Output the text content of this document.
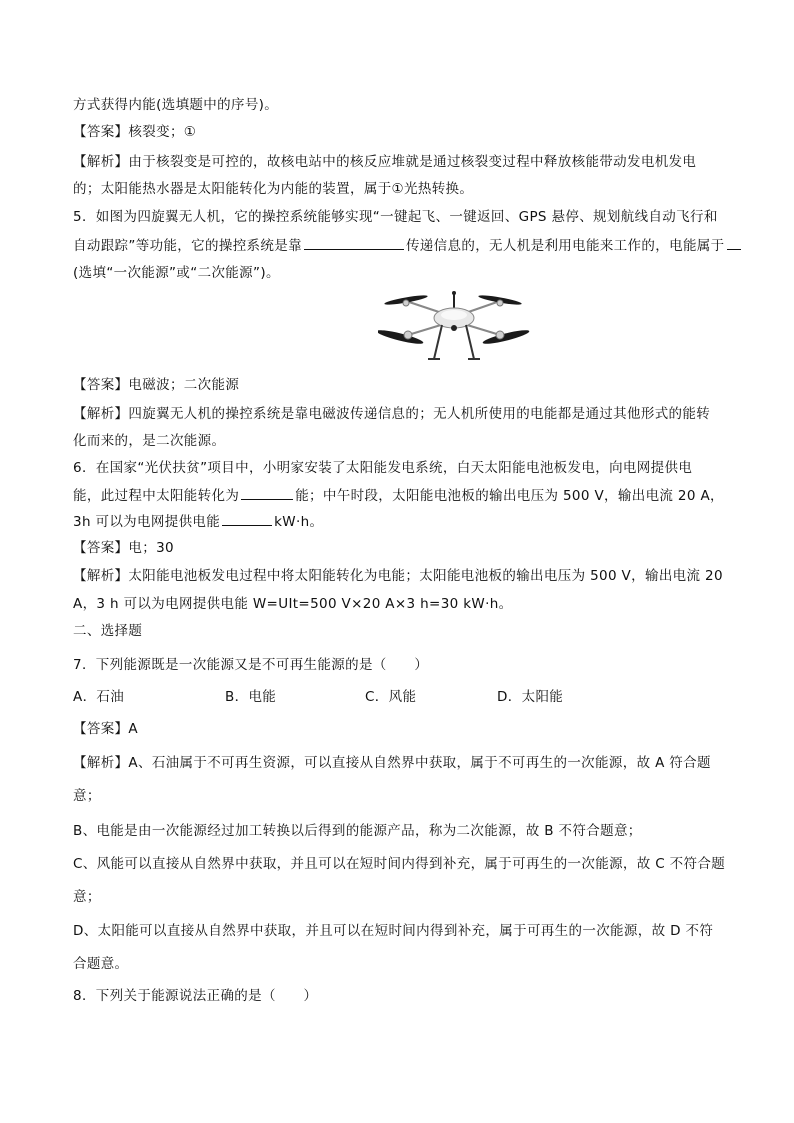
方式获得内能(选填题中的序号)。
【答案】核裂变；①
【解析】由于核裂变是可控的，故核电站中的核反应堆就是通过核裂变过程中释放核能带动发电机发电
的；太阳能热水器是太阳能转化为内能的装置，属于①光热转换。
5．如图为四旋翼无人机，它的操控系统能够实现“一键起飞、一键返回、GPS 悬停、规划航线自动飞行和
自动跟踪”等功能，它的操控系统是靠	传递信息的，无人机是利用电能来工作的，电能属于
(选填“一次能源”或“二次能源”)。
【答案】电磁波；二次能源
【解析】四旋翼无人机的操控系统是靠电磁波传递信息的；无人机所使用的电能都是通过其他形式的能转
化而来的，是二次能源。
6．在国家“光伏扶贫”项目中，小明家安装了太阳能发电系统，白天太阳能电池板发电，向电网提供电
能，此过程中太阳能转化为	能；中午时段，太阳能电池板的输出电压为 500 V，输出电流 20 A，
3h 可以为电网提供电能	kW·h。
【答案】电；30
【解析】太阳能电池板发电过程中将太阳能转化为电能；太阳能电池板的输出电压为 500 V，输出电流 20
A，3 h 可以为电网提供电能 W=UIt=500 V×20 A×3 h=30 kW·h。
二、选择题
7．下列能源既是一次能源又是不可再生能源的是（　　）
A．石油	B．电能	C．风能	D．太阳能
【答案】A
【解析】A、石油属于不可再生资源，可以直接从自然界中获取，属于不可再生的一次能源，故 A 符合题
意；
B、电能是由一次能源经过加工转换以后得到的能源产品，称为二次能源，故 B 不符合题意；
C、风能可以直接从自然界中获取，并且可以在短时间内得到补充，属于可再生的一次能源，故 C 不符合题
意；
D、太阳能可以直接从自然界中获取，并且可以在短时间内得到补充，属于可再生的一次能源，故 D 不符
合题意。
8．下列关于能源说法正确的是（　　）
